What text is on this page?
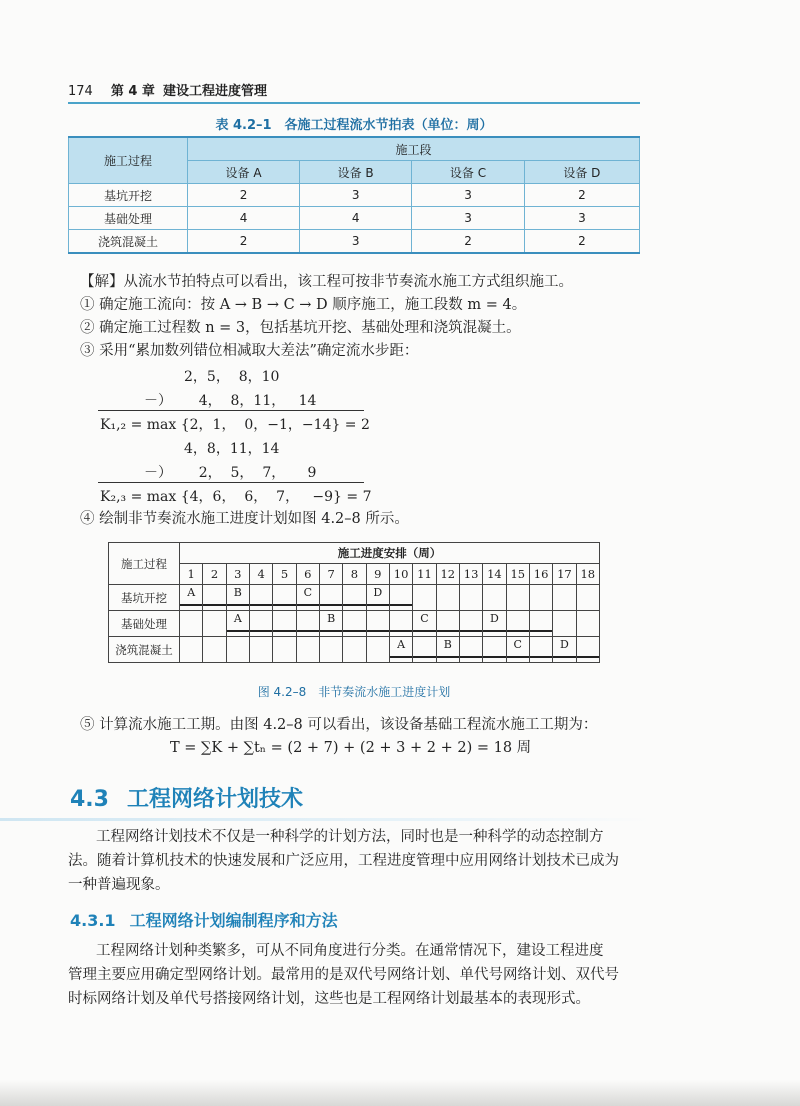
174 第 4 章 建设工程进度管理
表 4.2–1　各施工过程流水节拍表（单位：周）
施工过程	施工段			
	设备 A	设备 B	设备 C	设备 D
基坑开挖	2	3	3	2
基础处理	4	4	3	3
浇筑混凝土	2	3	2	2
【解】从流水节拍特点可以看出，该工程可按非节奏流水施工方式组织施工。
① 确定施工流向：按 A → B → C → D 顺序施工，施工段数 m = 4。
② 确定施工过程数 n = 3，包括基坑开挖、基础处理和浇筑混凝土。
③ 采用“累加数列错位相减取大差法”确定流水步距：
2，5，  8，10
－）      4，  8，11，   14
K₁,₂ = max {2，1，  0，−1，−14} = 2
4，8，11，14
－）      2，  5，  7，     9
K₂,₃ = max {4，6，  6，  7，   −9} = 7
④ 绘制非节奏流水施工进度计划如图 4.2–8 所示。
施工过程	施工进度安排（周）																	
	1	2	3	4	5	6	7	8	9	10	11	12	13	14	15	16	17	18
基坑开挖	A		B			C			D									

基础处理			A				B				C			D				

浇筑混凝土										A		B			C		D	

图 4.2–8　非节奏流水施工进度计划
⑤ 计算流水施工工期。由图 4.2–8 可以看出，该设备基础工程流水施工工期为：
T = ∑K + ∑tₙ = (2 + 7) + (2 + 3 + 2 + 2) = 18 周
4.3 工程网络计划技术
工程网络计划技术不仅是一种科学的计划方法，同时也是一种科学的动态控制方
法。随着计算机技术的快速发展和广泛应用，工程进度管理中应用网络计划技术已成为
一种普遍现象。
4.3.1 工程网络计划编制程序和方法
工程网络计划种类繁多，可从不同角度进行分类。在通常情况下，建设工程进度
管理主要应用确定型网络计划。最常用的是双代号网络计划、单代号网络计划、双代号
时标网络计划及单代号搭接网络计划，这些也是工程网络计划最基本的表现形式。
